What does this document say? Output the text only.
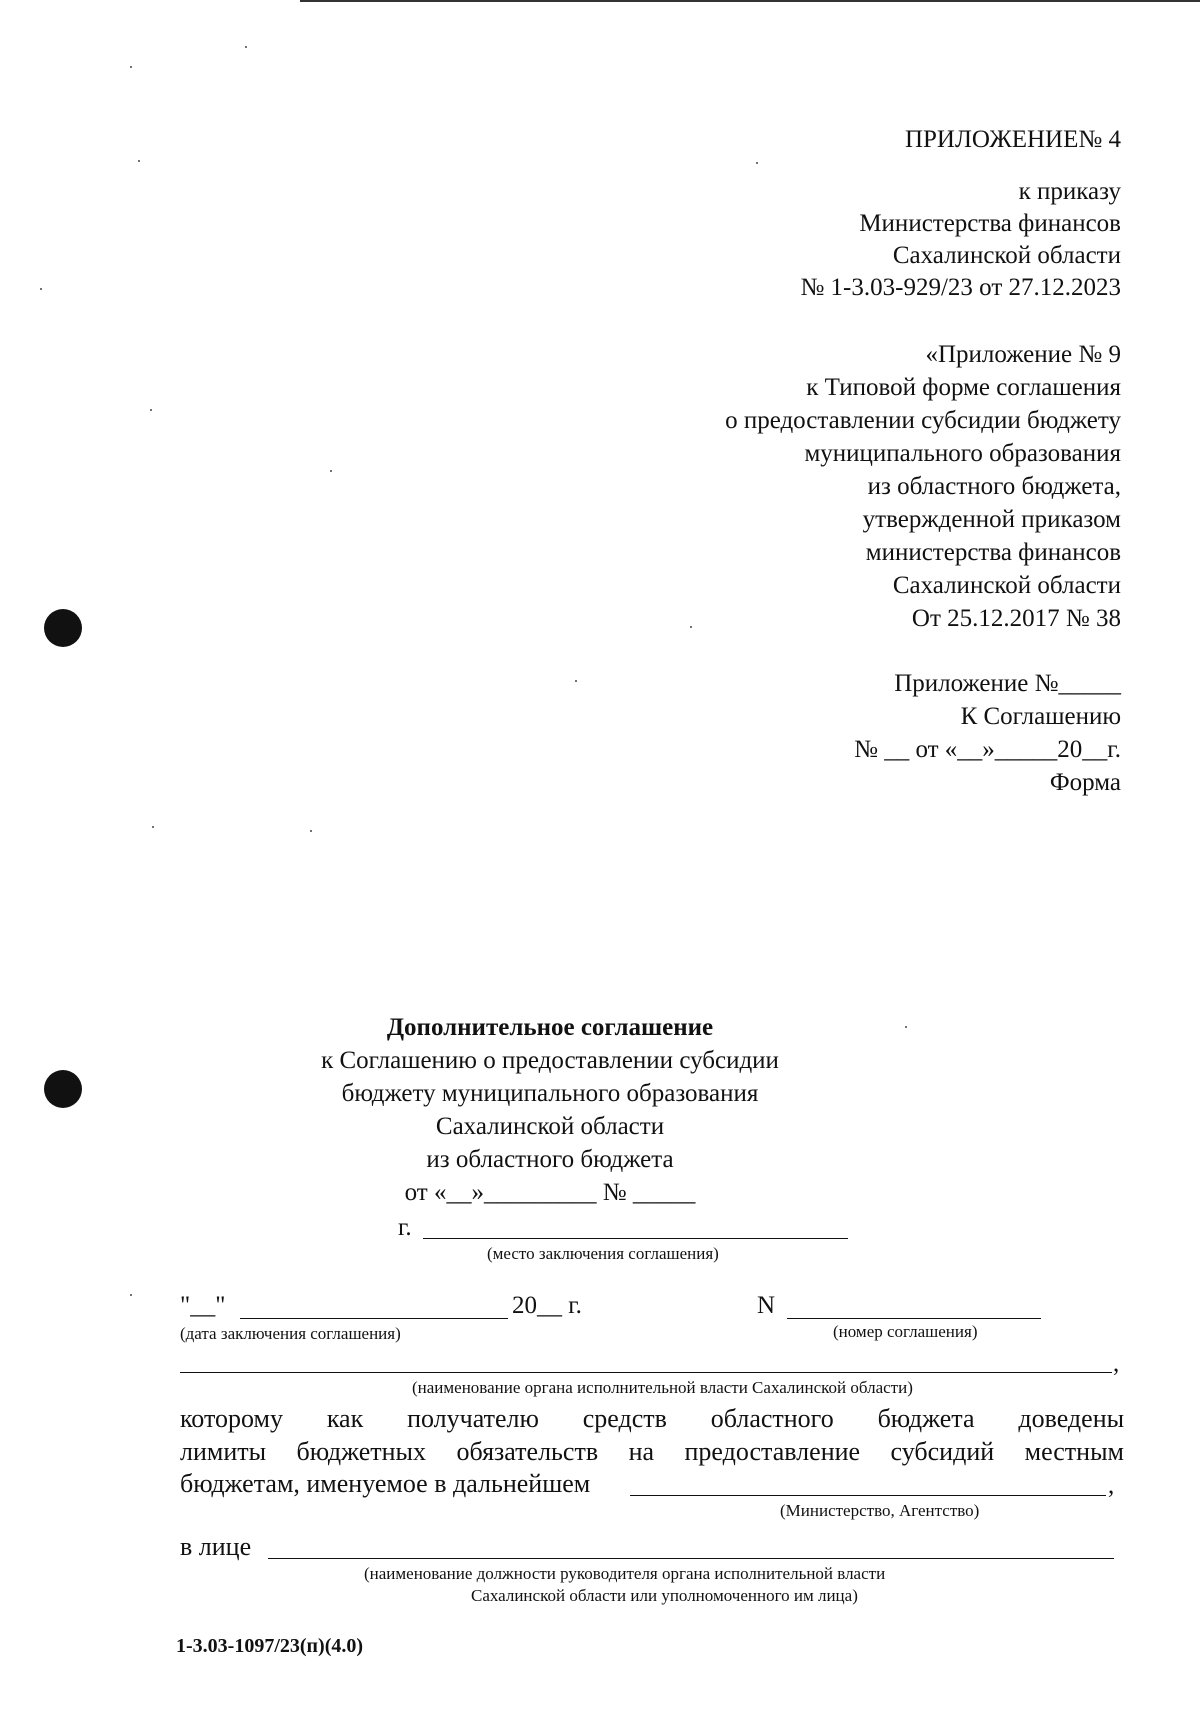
ПРИЛОЖЕНИЕ№ 4

к приказу

Министерства финансов

Сахалинской области

№ 1-3.03-929/23 от 27.12.2023

«Приложение № 9

к Типовой форме соглашения

о предоставлении субсидии бюджету

муниципального образования

из областного бюджета,

утвержденной приказом

министерства финансов

Сахалинской области

От 25.12.2017 № 38

Приложение №_____

К Соглашению

№ __ от «__»_____20__г.

Форма

Дополнительное соглашение

к Соглашению о предоставлении субсидии

бюджету муниципального образования

Сахалинской области

из областного бюджета

от «__»_________ № _____

г.
(место заключения соглашения)
"__"	20__ г.	N
(дата заключения соглашения)	(номер соглашения)
,
(наименование органа исполнительной власти Сахалинской области)
которому как получателю средств областного бюджета доведены
лимиты бюджетных обязательств на предоставление субсидий местным
бюджетам, именуемое в дальнейшем	,
(Министерство, Агентство)
в лице
(наименование должности руководителя органа исполнительной власти
Сахалинской области или уполномоченного им лица)
1-3.03-1097/23(п)(4.0)
